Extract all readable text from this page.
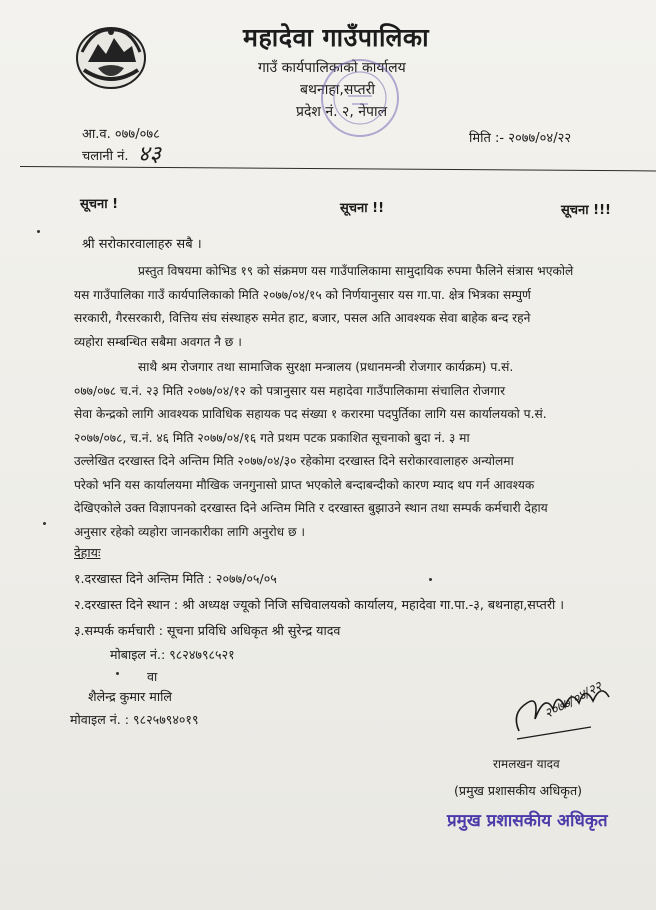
महादेवा गाउँपालिका
गाउँ कार्यपालिकाको कार्यालय
बथनाहा,सप्तरी
प्रदेश नं. २, नेपाल
आ.व. ०७७/०७८
चलानी नं. ४३
मिति :- २०७७/०४/२२
सूचना !	सूचना !!	सूचना !!!
श्री सरोकारवालाहरु सबै ।
प्रस्तुत विषयमा कोभिड १९ को संक्रमण यस गाउँपालिकामा सामुदायिक रुपमा फैलिने संत्रास भएकोले
यस गाउँपालिका गाउँ कार्यपालिकाको मिति २०७७/०४/१५ को निर्णयानुसार यस गा.पा. क्षेत्र भित्रका सम्पुर्ण
सरकारी, गैरसरकारी, वित्तिय संघ संस्थाहरु समेत हाट, बजार, पसल अति आवश्यक सेवा बाहेक बन्द रहने
व्यहोरा सम्बन्धित सबैमा अवगत नै छ ।
साथै श्रम रोजगार तथा सामाजिक सुरक्षा मन्त्रालय (प्रधानमन्त्री रोजगार कार्यक्रम) प.सं.
०७७/०७८ च.नं. २३ मिति २०७७/०४/१२ को पत्रानुसार यस महादेवा गाउँपालिकामा संचालित रोजगार
सेवा केन्द्रको लागि आवश्यक प्राविधिक सहायक पद संख्या १ करारमा पदपुर्तिका लागि यस कार्यालयको प.सं.
२०७७/०७८, च.नं. ४६ मिति २०७७/०४/१६ गते प्रथम पटक प्रकाशित सूचनाको बुदा नं. ३ मा
उल्लेखित दरखास्त दिने अन्तिम मिति २०७७/०४/३० रहेकोमा दरखास्त दिने सरोकारवालाहरु अन्योलमा
परेको भनि यस कार्यालयमा मौखिक जनगुनासो प्राप्त भएकोले बन्दाबन्दीको कारण म्याद थप गर्न आवश्यक
देखिएकोले उक्त विज्ञापनको दरखास्त दिने अन्तिम मिति र दरखास्त बुझाउने स्थान तथा सम्पर्क कर्मचारी देहाय
अनुसार रहेको व्यहोरा जानकारीका लागि अनुरोध छ ।
देहायः
१.दरखास्त दिने अन्तिम मिति : २०७७/०५/०५
२.दरखास्त दिने स्थान : श्री अध्यक्ष ज्यूको निजि सचिवालयको कार्यालय, महादेवा गा.पा.-३, बथनाहा,सप्तरी ।
३.सम्पर्क कर्मचारी : सूचना प्रविधि अधिकृत श्री सुरेन्द्र यादव
मोबाइल नं.: ९८२४७९८५२१
वा
शैलेन्द्र कुमार मालि
मोवाइल नं. : ९८२५७९४०१९	२०७७/०४/२२
रामलखन यादव
(प्रमुख प्रशासकीय अधिकृत)
प्रमुख प्रशासकीय अधिकृत
